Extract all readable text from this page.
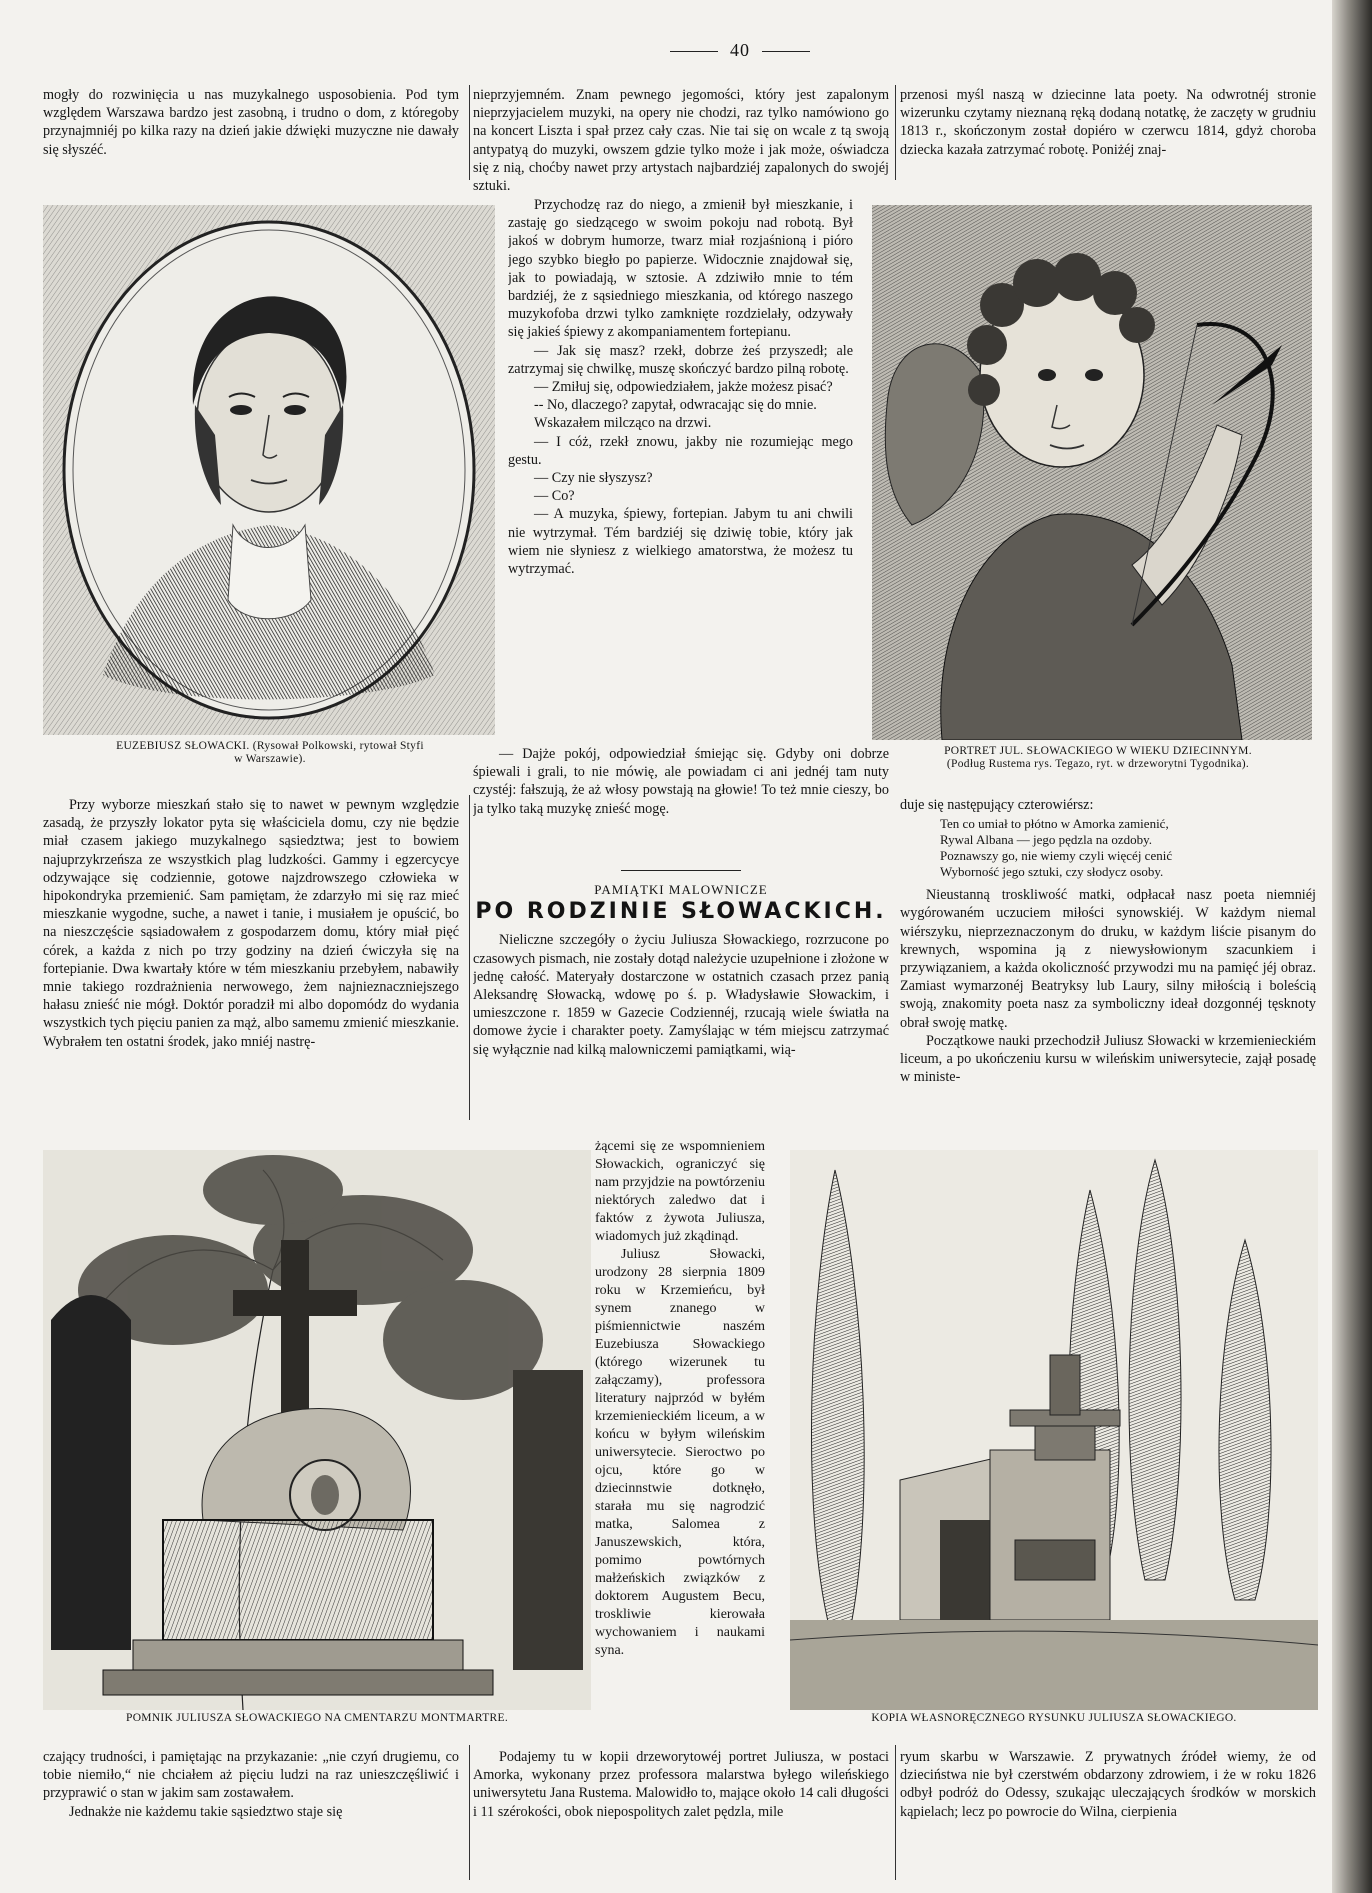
40

mogły do rozwinięcia u nas muzykalnego usposobienia. Pod tym względem Warszawa bardzo jest zasobną, i trudno o dom, z któregoby przynajmniéj po kilka razy na dzień jakie dźwięki muzyczne nie dawały się słyszéć.

nieprzyjemném. Znam pewnego jegomości, który jest zapalonym nieprzyjacielem muzyki, na opery nie chodzi, raz tylko namówiono go na koncert Liszta i spał przez cały czas. Nie tai się on wcale z tą swoją antypatyą do muzyki, owszem gdzie tylko może i jak może, oświadcza się z nią, choćby nawet przy artystach najbardziéj zapalonych do swojéj sztuki.

Przychodzę raz do niego, a zmienił był mieszkanie, i zastaję go siedzącego w swoim pokoju nad robotą. Był jakoś w dobrym humorze, twarz miał rozjaśnioną i pióro jego szybko biegło po papierze. Widocznie znajdował się, jak to powiadają, w sztosie. A zdziwiło mnie to tém bardziéj, że z sąsiedniego mieszkania, od którego naszego muzykofoba drzwi tylko zamknięte rozdzielały, odzywały się jakieś śpiewy z akompaniamentem fortepianu.

— Jak się masz? rzekł, dobrze żeś przyszedł; ale zatrzymaj się chwilkę, muszę skończyć bardzo pilną robotę.

— Zmiłuj się, odpowiedziałem, jakże możesz pisać?

-- No, dlaczego? zapytał, odwracając się do mnie.

Wskazałem milcząco na drzwi.

— I cóż, rzekł znowu, jakby nie rozumiejąc mego gestu.

— Czy nie słyszysz?

— Co?

— A muzyka, śpiewy, fortepian. Jabym tu ani chwili nie wytrzymał. Tém bardziéj się dziwię tobie, który jak wiem nie słyniesz z wielkiego amatorstwa, że możesz tu wytrzymać.

— Dajże pokój, odpowiedział śmiejąc się. Gdyby oni dobrze śpiewali i grali, to nie mówię, ale powiadam ci ani jednéj tam nuty czystéj: fałszują, że aż włosy powstają na głowie! To też mnie cieszy, bo ja tylko taką muzykę znieść mogę.

przenosi myśl naszą w dziecinne lata poety. Na odwrotnéj stronie wizerunku czytamy nieznaną ręką dodaną notatkę, że zaczęty w grudniu 1813 r., skończonym został dopiéro w czerwcu 1814, gdyż choroba dziecka kazała zatrzymać robotę. Poniżéj znaj-

EUZEBIUSZ SŁOWACKI. (Rysował Polkowski, rytował Styfi
w Warszawie).
PORTRET JUL. SŁOWACKIEGO W WIEKU DZIECINNYM.
(Podług Rustema rys. Tegazo, ryt. w drzeworytni Tygodnika).

Przy wyborze mieszkań stało się to nawet w pewnym względzie zasadą, że przyszły lokator pyta się właściciela domu, czy nie będzie miał czasem jakiego muzykalnego sąsiedztwa; jest to bowiem najuprzykrzeńsza ze wszystkich plag ludzkości. Gammy i egzercycye odzywające się codziennie, gotowe najzdrowszego człowieka w hipokondryka przemienić. Sam pamiętam, że zdarzyło mi się raz mieć mieszkanie wygodne, suche, a nawet i tanie, i musiałem je opuścić, bo na nieszczęście sąsiadowałem z gospodarzem domu, który miał pięć córek, a każda z nich po trzy godziny na dzień ćwiczyła się na fortepianie. Dwa kwartały które w tém mieszkaniu przebyłem, nabawiły mnie takiego rozdrażnienia nerwowego, żem najnieznaczniejszego hałasu znieść nie mógł. Doktór poradził mi albo dopomódz do wydania wszystkich tych pięciu panien za mąż, albo samemu zmienić mieszkanie. Wybrałem ten ostatni środek, jako mniéj nastrę-

PAMIĄTKI MALOWNICZE
PO RODZINIE SŁOWACKICH.

Nieliczne szczegóły o życiu Juliusza Słowackiego, rozrzucone po czasowych pismach, nie zostały dotąd należycie uzupełnione i złożone w jednę całość. Materyały dostarczone w ostatnich czasach przez panią Aleksandrę Słowacką, wdowę po ś. p. Władysławie Słowackim, i umieszczone r. 1859 w Gazecie Codziennéj, rzucają wiele światła na domowe życie i charakter poety. Zamyślając w tém miejscu zatrzymać się wyłącznie nad kilką malowniczemi pamiątkami, wią-

żącemi się ze wspomnieniem Słowackich, ograniczyć się nam przyjdzie na powtórzeniu niektórych zaledwo dat i faktów z żywota Juliusza, wiadomych już zkądinąd.

Juliusz Słowacki, urodzony 28 sierpnia 1809 roku w Krzemieńcu, był synem znanego w piśmiennictwie naszém Euzebiusza Słowackiego (którego wizerunek tu załączamy), professora literatury najprzód w byłém krzemienieckiém liceum, a w końcu w byłym wileńskim uniwersytecie. Sieroctwo po ojcu, które go w dziecinnstwie dotknęło, starała mu się nagrodzić matka, Salomea z Januszewskich, która, pomimo powtórnych małżeńskich związków z doktorem Augustem Becu, troskliwie kierowała wychowaniem i naukami syna.

duje się następujący czterowiérsz:

Ten co umiał to płótno w Amorka zamienić,
Rywal Albana — jego pędzla na ozdoby.
Poznawszy go, nie wiemy czyli więcéj cenić
Wyborność jego sztuki, czy słodycz osoby.

Nieustanną troskliwość matki, odpłacał nasz poeta niemniéj wygórowaném uczuciem miłości synowskiéj. W każdym niemal wiérszyku, nieprzeznaczonym do druku, w każdym liście pisanym do krewnych, wspomina ją z niewysłowionym szacunkiem i przywiązaniem, a każda okoliczność przywodzi mu na pamięć jéj obraz. Zamiast wymarzonéj Beatryksy lub Laury, silny miłością i boleścią swoją, znakomity poeta nasz za symboliczny ideał dozgonnéj tęsknoty obrał swoję matkę.

Początkowe nauki przechodził Juliusz Słowacki w krzemienieckiém liceum, a po ukończeniu kursu w wileńskim uniwersytecie, zajął posadę w ministe-

POMNIK JULIUSZA SŁOWACKIEGO NA CMENTARZU MONTMARTRE.	KOPIA WŁASNORĘCZNEGO RYSUNKU JULIUSZA SŁOWACKIEGO.

czający trudności, i pamiętając na przykazanie: „nie czyń drugiemu, co tobie niemiło,“ nie chciałem aż pięciu ludzi na raz unieszczęśliwić i przyprawić o stan w jakim sam zostawałem.

Jednakże nie każdemu takie sąsiedztwo staje się

Podajemy tu w kopii drzeworytowéj portret Juliusza, w postaci Amorka, wykonany przez professora malarstwa byłego wileńskiego uniwersytetu Jana Rustema. Malowidło to, mające około 14 cali długości i 11 szérokości, obok niepospolitych zalet pędzla, mile

ryum skarbu w Warszawie. Z prywatnych źródeł wiemy, że od dzieciństwa nie był czerstwém obdarzony zdrowiem, i że w roku 1826 odbył podróż do Odessy, szukając uleczających środków w morskich kąpielach; lecz po powrocie do Wilna, cierpienia
